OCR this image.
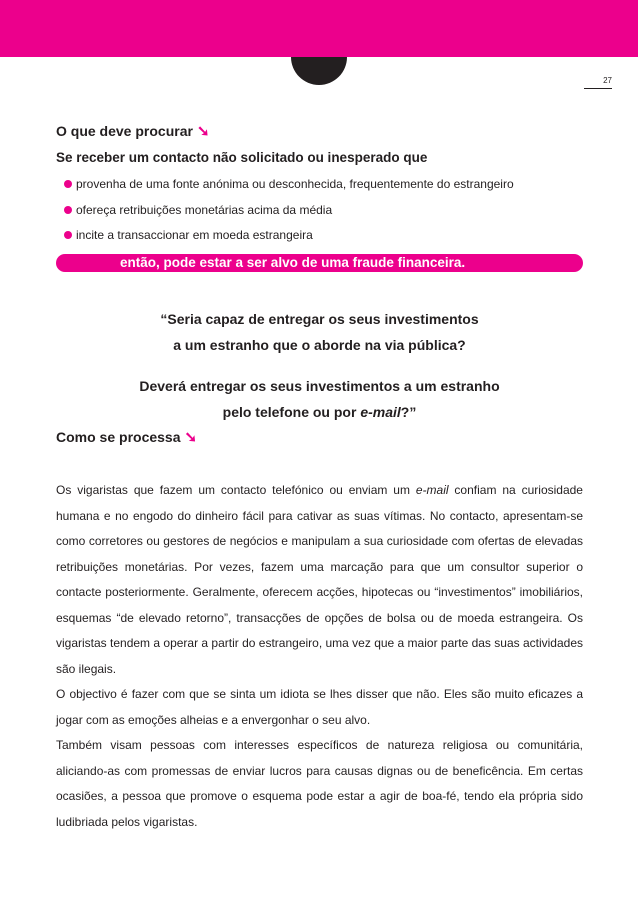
27
O que deve procurar ➘
Se receber um contacto não solicitado ou inesperado que
provenha de uma fonte anónima ou desconhecida, frequentemente do estrangeiro
ofereça retribuições monetárias acima da média
incite a transaccionar em moeda estrangeira
então, pode estar a ser alvo de uma fraude financeira.
“Seria capaz de entregar os seus investimentos
a um estranho que o aborde na via pública?
Deverá entregar os seus investimentos a um estranho
pelo telefone ou por e-mail?”
Como se processa ➘
Os vigaristas que fazem um contacto telefónico ou enviam um e-mail confiam na curiosidade humana e no engodo do dinheiro fácil para cativar as suas vítimas. No contacto, apresentam-se como corretores ou gestores de negócios e manipulam a sua curiosidade com ofertas de elevadas retribuições monetárias. Por vezes, fazem uma marcação para que um consultor superior o contacte posteriormente. Geralmente, oferecem acções, hipotecas ou “investimentos” imobiliários, esquemas “de elevado retorno”, transacções de opções de bolsa ou de moeda estrangeira. Os vigaristas tendem a operar a partir do estrangeiro, uma vez que a maior parte das suas actividades são ilegais.
O objectivo é fazer com que se sinta um idiota se lhes disser que não. Eles são muito eficazes a jogar com as emoções alheias e a envergonhar o seu alvo.
Também visam pessoas com interesses específicos de natureza religiosa ou comunitária, aliciando-as com promessas de enviar lucros para causas dignas ou de beneficência. Em certas ocasiões, a pessoa que promove o esquema pode estar a agir de boa-fé, tendo ela própria sido ludibriada pelos vigaristas.
